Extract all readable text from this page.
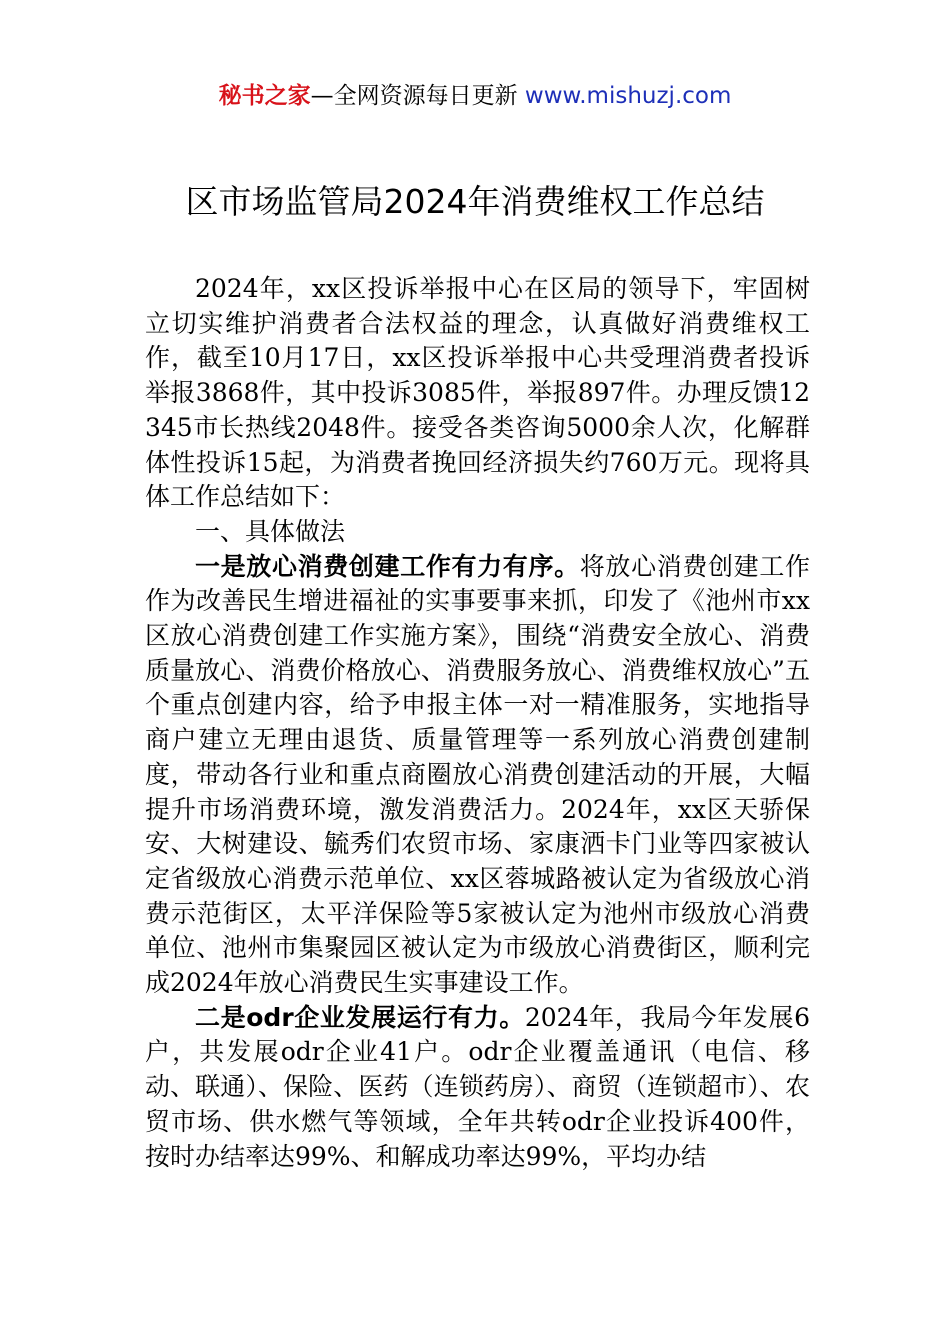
秘书之家—全网资源每日更新 www.mishuzj.com
区市场监管局2024年消费维权工作总结

2024年，xx区投诉举报中心在区局的领导下，牢固树立切实维护消费者合法权益的理念，认真做好消费维权工作，截至10月17日，xx区投诉举报中心共受理消费者投诉举报3868件，其中投诉3085件，举报897件。办理反馈12345市长热线2048件。接受各类咨询5000余人次，化解群体性投诉15起，为消费者挽回经济损失约760万元。现将具体工作总结如下：

一、具体做法

一是放心消费创建工作有力有序。将放心消费创建工作作为改善民生增进福祉的实事要事来抓，印发了《池州市xx区放心消费创建工作实施方案》，围绕“消费安全放心、消费质量放心、消费价格放心、消费服务放心、消费维权放心”五个重点创建内容，给予申报主体一对一精准服务，实地指导商户建立无理由退货、质量管理等一系列放心消费创建制度，带动各行业和重点商圈放心消费创建活动的开展，大幅提升市场消费环境，激发消费活力。2024年，xx区天骄保安、大树建设、毓秀们农贸市场、家康洒卡门业等四家被认定省级放心消费示范单位、xx区蓉城路被认定为省级放心消费示范街区，太平洋保险等5家被认定为池州市级放心消费单位、池州市集聚园区被认定为市级放心消费街区，顺利完成2024年放心消费民生实事建设工作。

二是odr企业发展运行有力。2024年，我局今年发展6户，共发展odr企业41户。odr企业覆盖通讯（电信、移动、联通）、保险、医药（连锁药房）、商贸（连锁超市）、农贸市场、供水燃气等领域，全年共转odr企业投诉400件，按时办结率达99%、和解成功率达99%，平均办结
